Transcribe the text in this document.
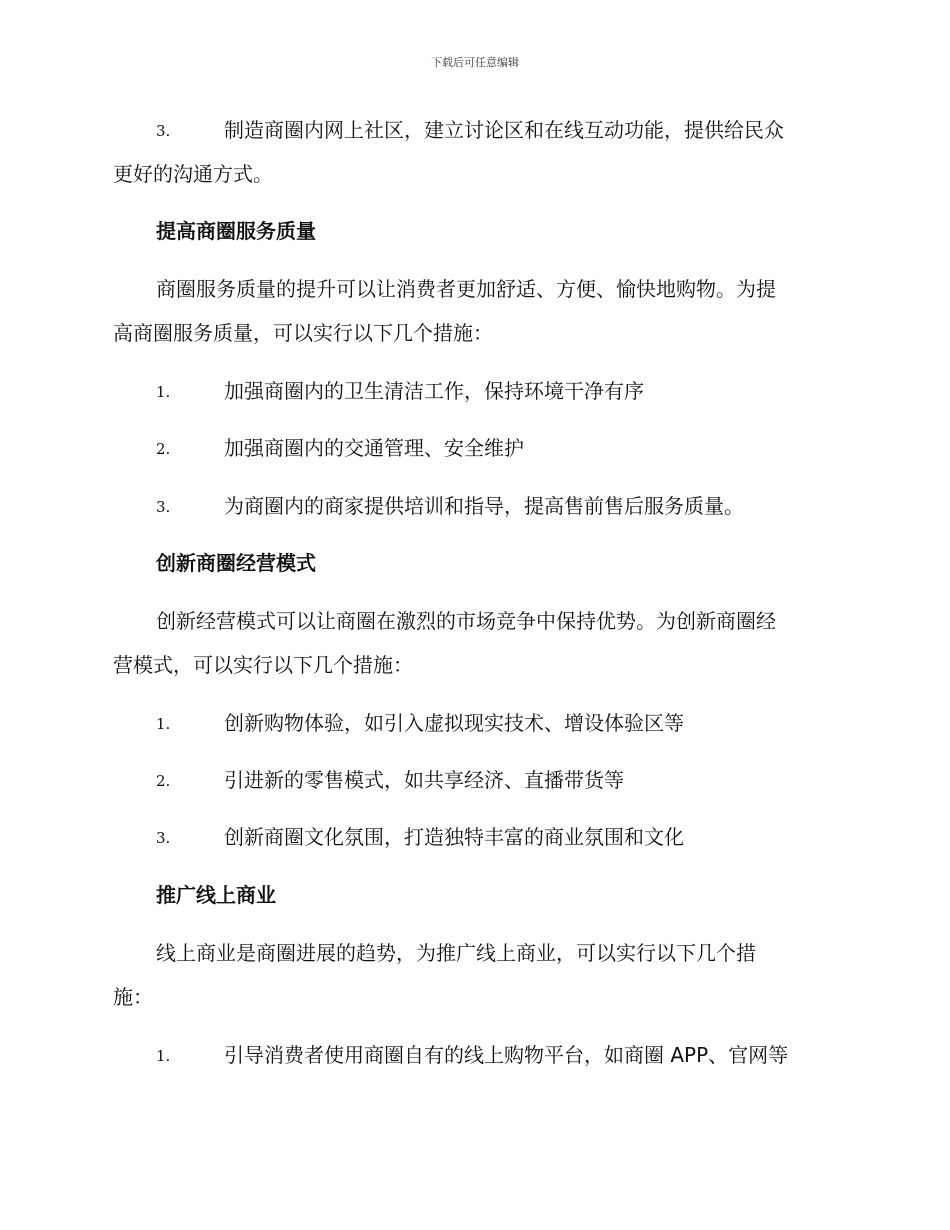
下载后可任意编辑
3.	制造商圈内网上社区，建立讨论区和在线互动功能，提供给民众
更好的沟通方式。
提高商圈服务质量
商圈服务质量的提升可以让消费者更加舒适、方便、愉快地购物。为提
高商圈服务质量，可以实行以下几个措施：
1.	加强商圈内的卫生清洁工作，保持环境干净有序
2.	加强商圈内的交通管理、安全维护
3.	为商圈内的商家提供培训和指导，提高售前售后服务质量。
创新商圈经营模式
创新经营模式可以让商圈在激烈的市场竞争中保持优势。为创新商圈经
营模式，可以实行以下几个措施：
1.	创新购物体验，如引入虚拟现实技术、增设体验区等
2.	引进新的零售模式，如共享经济、直播带货等
3.	创新商圈文化氛围，打造独特丰富的商业氛围和文化
推广线上商业
线上商业是商圈进展的趋势，为推广线上商业，可以实行以下几个措
施：
1.	引导消费者使用商圈自有的线上购物平台，如商圈 APP、官网等
